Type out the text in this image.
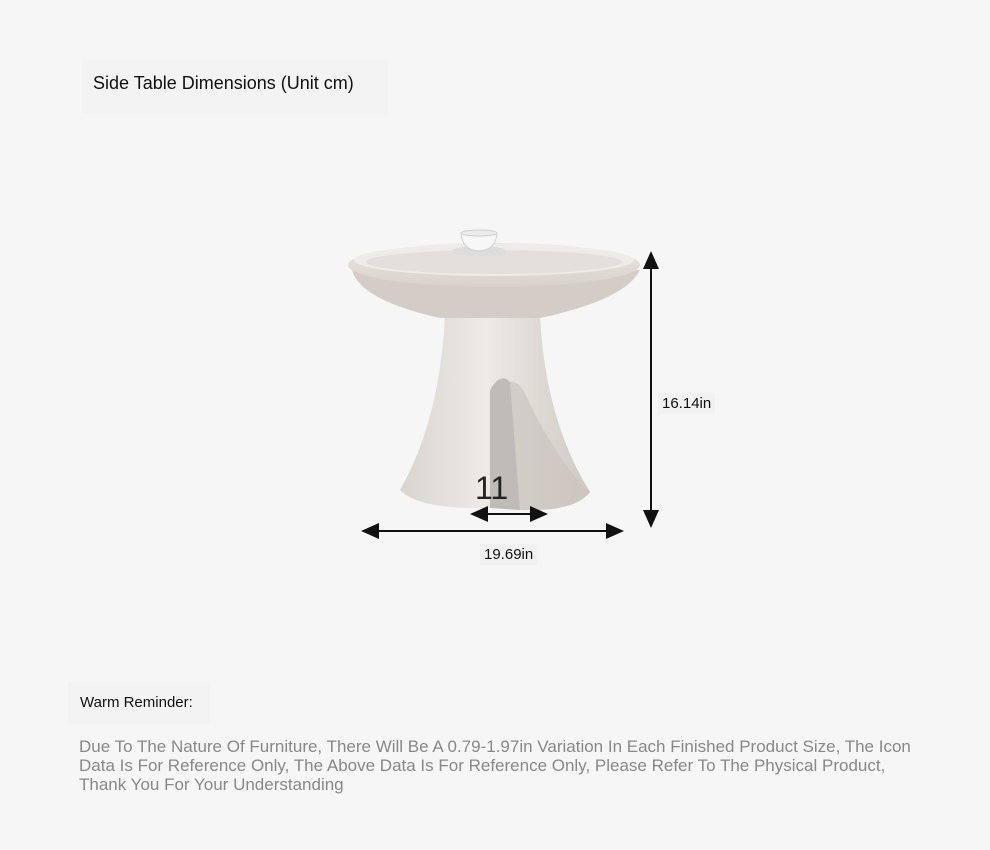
Side Table Dimensions (Unit cm)
16.14in
19.69in
11
Warm Reminder:
Due To The Nature Of Furniture, There Will Be A 0.79-1.97in Variation In Each Finished Product Size, The Icon Data Is For Reference Only, The Above Data Is For Reference Only, Please Refer To The Physical Product, Thank You For Your Understanding
